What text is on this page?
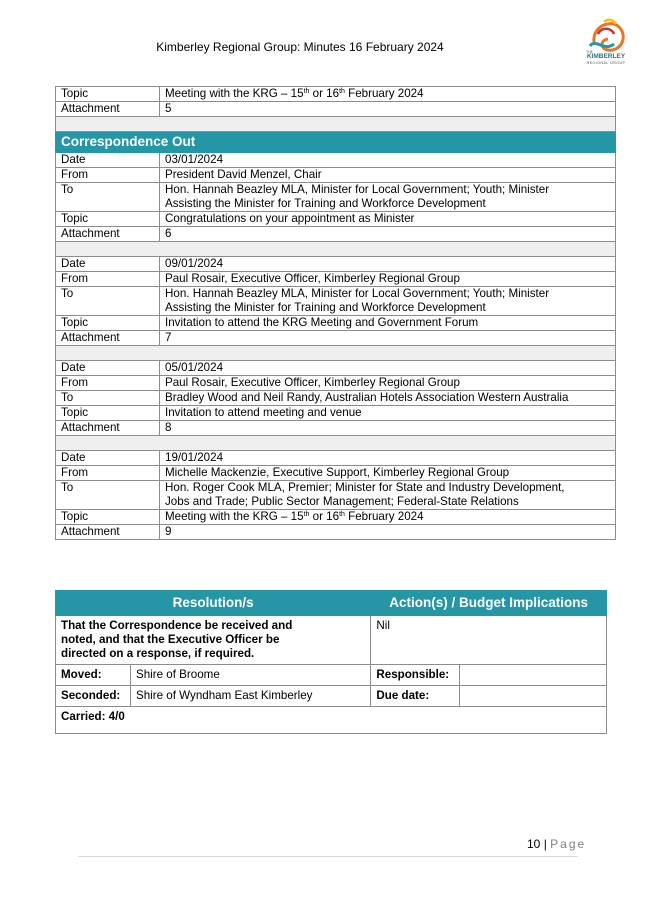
Kimberley Regional Group: Minutes 16 February 2024	THE
KIMBERLEY
REGIONAL GROUP
Topic	Meeting with the KRG – 15th or 16th February 2024
Attachment	5

Correspondence Out	
Date	03/01/2024
From	President David Menzel, Chair
To	Hon. Hannah Beazley MLA, Minister for Local Government; Youth; Minister
Assisting the Minister for Training and Workforce Development

Topic	Congratulations on your appointment as Minister
Attachment	6

Date	09/01/2024
From	Paul Rosair, Executive Officer, Kimberley Regional Group
To	Hon. Hannah Beazley MLA, Minister for Local Government; Youth; Minister
Assisting the Minister for Training and Workforce Development

Topic	Invitation to attend the KRG Meeting and Government Forum
Attachment	7

Date	05/01/2024
From	Paul Rosair, Executive Officer, Kimberley Regional Group
To	Bradley Wood and Neil Randy, Australian Hotels Association Western Australia
Topic	Invitation to attend meeting and venue
Attachment	8

Date	19/01/2024
From	Michelle Mackenzie, Executive Support, Kimberley Regional Group
To	Hon. Roger Cook MLA, Premier; Minister for State and Industry Development,
Jobs and Trade; Public Sector Management; Federal-State Relations

Topic	Meeting with the KRG – 15th or 16th February 2024
Attachment	9
Resolution/s		Action(s) / Budget Implications	

That the Correspondence be received and
noted, and that the Executive Officer be
directed on a response, if required.		Nil	
Moved:	Shire of Broome	Responsible:	
Seconded:	Shire of Wyndham East Kimberley	Due date:	
Carried: 4/0			
10 | Page
